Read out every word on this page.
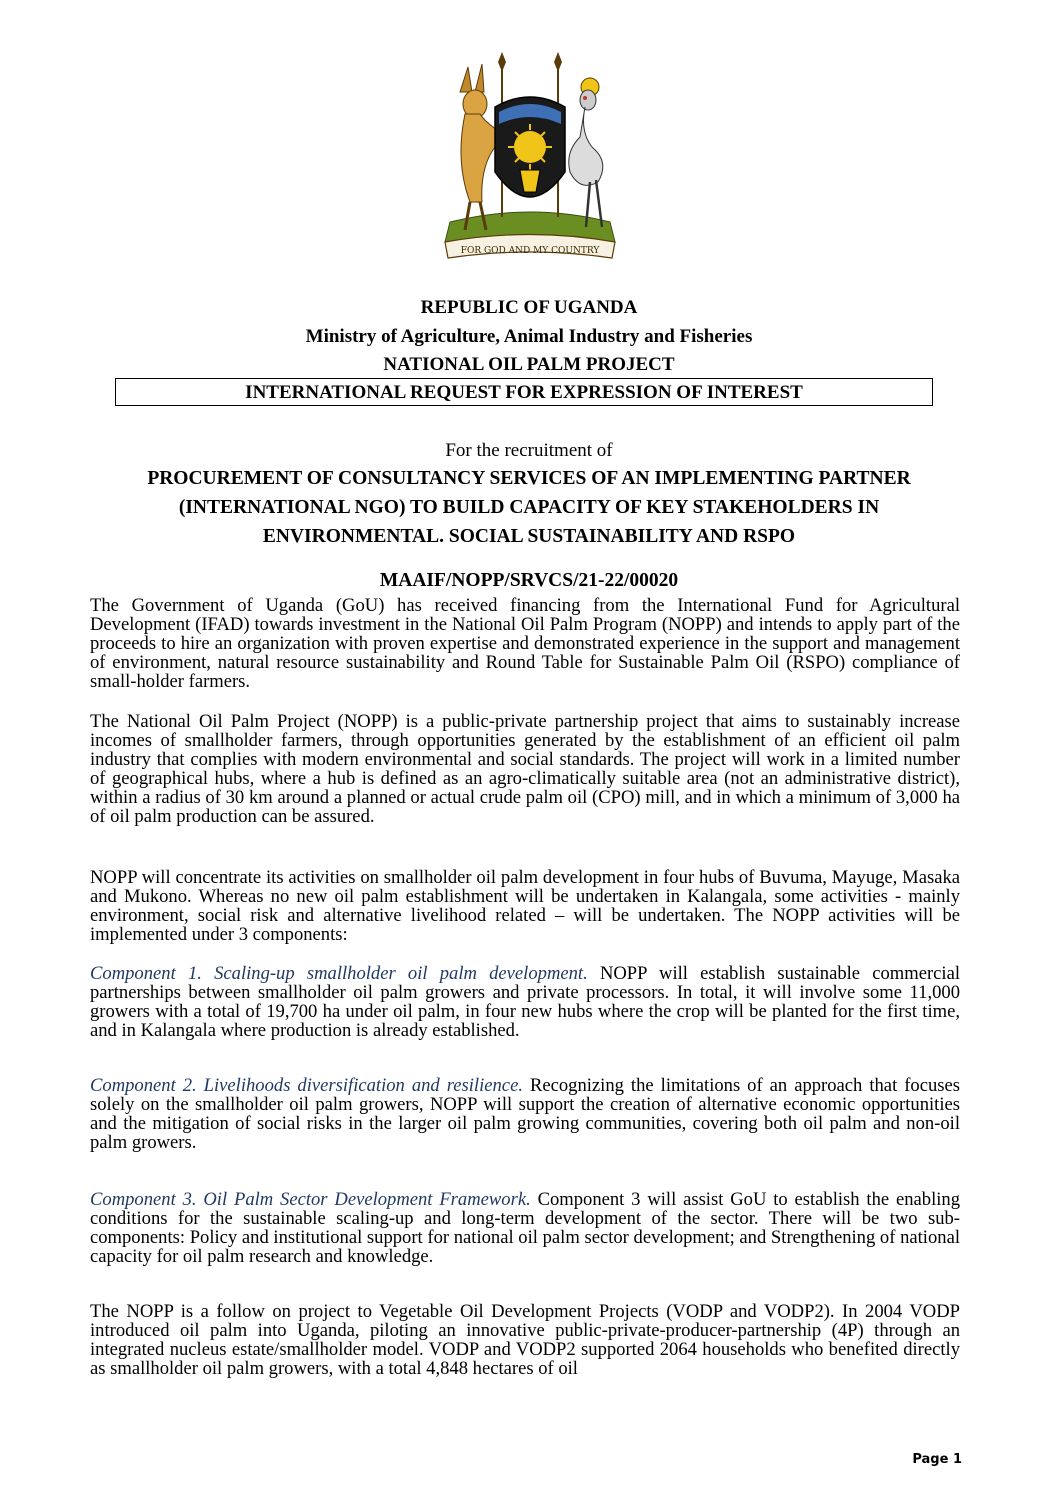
FOR GOD AND MY COUNTRY
REPUBLIC OF UGANDA
Ministry of Agriculture, Animal Industry and Fisheries
NATIONAL OIL PALM PROJECT
INTERNATIONAL REQUEST FOR EXPRESSION OF INTEREST
For the recruitment of
PROCUREMENT OF CONSULTANCY SERVICES OF AN IMPLEMENTING PARTNER
(INTERNATIONAL NGO) TO BUILD CAPACITY OF KEY STAKEHOLDERS IN
ENVIRONMENTAL. SOCIAL SUSTAINABILITY AND RSPO
MAAIF/NOPP/SRVCS/21-22/00020

The Government of Uganda (GoU) has received financing from the International Fund for Agricultural Development (IFAD) towards investment in the National Oil Palm Program (NOPP) and intends to apply part of the proceeds to hire an organization with proven expertise and demonstrated experience in the support and management of environment, natural resource sustainability and Round Table for Sustainable Palm Oil (RSPO) compliance of small-holder farmers.

The National Oil Palm Project (NOPP) is a public-private partnership project that aims to sustainably increase incomes of smallholder farmers, through opportunities generated by the establishment of an efficient oil palm industry that complies with modern environmental and social standards. The project will work in a limited number of geographical hubs, where a hub is defined as an agro-climatically suitable area (not an administrative district), within a radius of 30 km around a planned or actual crude palm oil (CPO) mill, and in which a minimum of 3,000 ha of oil palm production can be assured.

NOPP will concentrate its activities on smallholder oil palm development in four hubs of Buvuma, Mayuge, Masaka and Mukono. Whereas no new oil palm establishment will be undertaken in Kalangala, some activities - mainly environment, social risk and alternative livelihood related – will be undertaken. The NOPP activities will be implemented under 3 components:

Component 1. Scaling-up smallholder oil palm development. NOPP will establish sustainable commercial partnerships between smallholder oil palm growers and private processors. In total, it will involve some 11,000 growers with a total of 19,700 ha under oil palm, in four new hubs where the crop will be planted for the first time, and in Kalangala where production is already established.

Component 2. Livelihoods diversification and resilience. Recognizing the limitations of an approach that focuses solely on the smallholder oil palm growers, NOPP will support the creation of alternative economic opportunities and the mitigation of social risks in the larger oil palm growing communities, covering both oil palm and non-oil palm growers.

Component 3. Oil Palm Sector Development Framework. Component 3 will assist GoU to establish the enabling conditions for the sustainable scaling-up and long-term development of the sector. There will be two sub-components: Policy and institutional support for national oil palm sector development; and Strengthening of national capacity for oil palm research and knowledge.

The NOPP is a follow on project to Vegetable Oil Development Projects (VODP and VODP2). In 2004 VODP introduced oil palm into Uganda, piloting an innovative public-private-producer-partnership (4P) through an integrated nucleus estate/smallholder model. VODP and VODP2 supported 2064 households who benefited directly as smallholder oil palm growers, with a total 4,848 hectares of oil

Page 1
